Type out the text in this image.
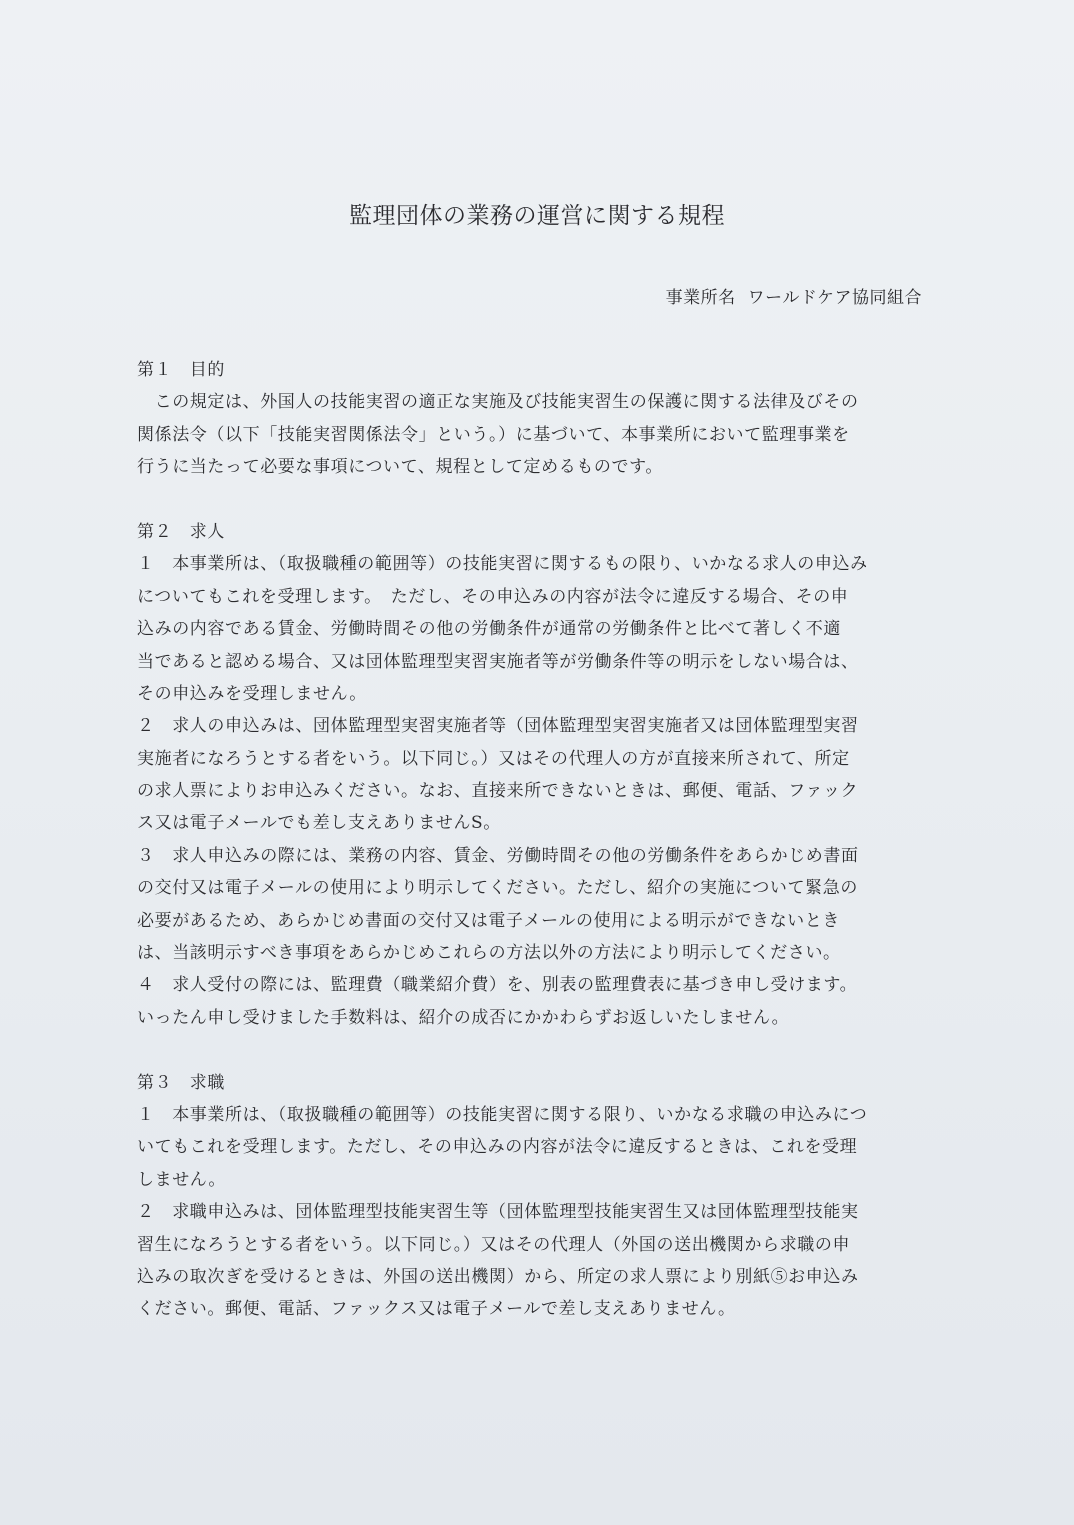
監理団体の業務の運営に関する規程
事業所名 ワールドケア協同組合
第１　目的
　この規定は、外国人の技能実習の適正な実施及び技能実習生の保護に関する法律及びその
関係法令（以下「技能実習関係法令」という。）に基づいて、本事業所において監理事業を
行うに当たって必要な事項について、規程として定めるものです。
第２　求人
１　本事業所は、（取扱職種の範囲等）の技能実習に関するもの限り、いかなる求人の申込み
についてもこれを受理します。　ただし、その申込みの内容が法令に違反する場合、その申
込みの内容である賃金、労働時間その他の労働条件が通常の労働条件と比べて著しく不適
当であると認める場合、又は団体監理型実習実施者等が労働条件等の明示をしない場合は、
その申込みを受理しません。
２　求人の申込みは、団体監理型実習実施者等（団体監理型実習実施者又は団体監理型実習
実施者になろうとする者をいう。以下同じ。）又はその代理人の方が直接来所されて、所定
の求人票によりお申込みください。なお、直接来所できないときは、郵便、電話、ファック
ス又は電子メールでも差し支えありませんS。
３　求人申込みの際には、業務の内容、賃金、労働時間その他の労働条件をあらかじめ書面
の交付又は電子メールの使用により明示してください。ただし、紹介の実施について緊急の
必要があるため、あらかじめ書面の交付又は電子メールの使用による明示ができないとき
は、当該明示すべき事項をあらかじめこれらの方法以外の方法により明示してください。
４　求人受付の際には、監理費（職業紹介費）を、別表の監理費表に基づき申し受けます。
いったん申し受けました手数料は、紹介の成否にかかわらずお返しいたしません。
第３　求職
１　本事業所は、（取扱職種の範囲等）の技能実習に関する限り、いかなる求職の申込みにつ
いてもこれを受理します。ただし、その申込みの内容が法令に違反するときは、これを受理
しません。
２　求職申込みは、団体監理型技能実習生等（団体監理型技能実習生又は団体監理型技能実
習生になろうとする者をいう。以下同じ。）又はその代理人（外国の送出機関から求職の申
込みの取次ぎを受けるときは、外国の送出機関）から、所定の求人票により別紙⑤お申込み
ください。郵便、電話、ファックス又は電子メールで差し支えありません。
